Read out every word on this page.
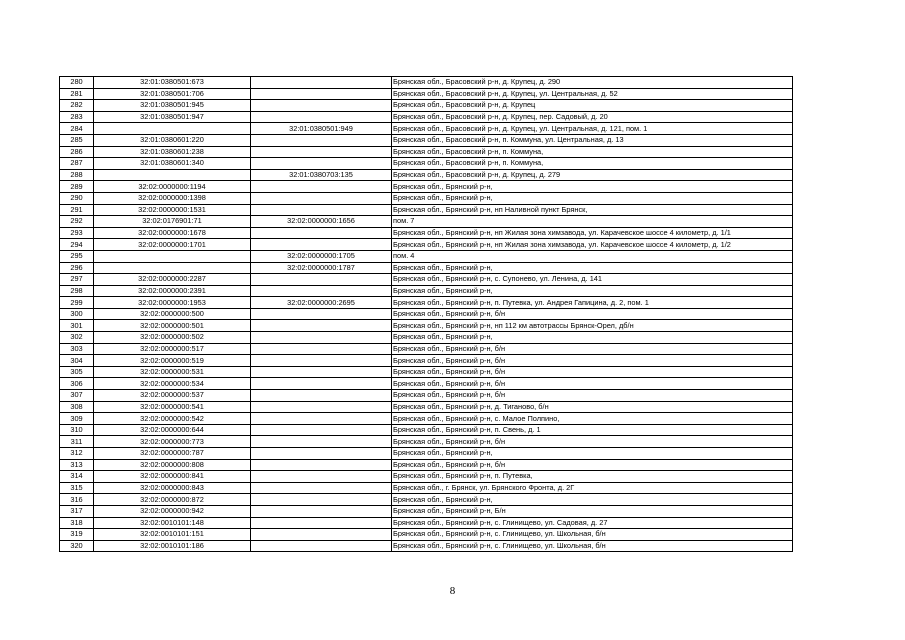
280	32:01:0380501:673		Брянская обл., Брасовский р-н, д. Крупец, д. 290
281	32:01:0380501:706		Брянская обл., Брасовский р-н, д. Крупец, ул. Центральная, д. 52
282	32:01:0380501:945		Брянская обл., Брасовский р-н, д. Крупец
283	32:01:0380501:947		Брянская обл., Брасовский р-н, д. Крупец, пер. Садовый, д. 20
284		32:01:0380501:949	Брянская обл., Брасовский р-н, д. Крупец, ул. Центральная, д. 121, пом. 1
285	32:01:0380601:220		Брянская обл., Брасовский р-н, п. Коммуна, ул. Центральная, д. 13
286	32:01:0380601:238		Брянская обл., Брасовский р-н, п. Коммуна,
287	32:01:0380601:340		Брянская обл., Брасовский р-н, п. Коммуна,
288		32:01:0380703:135	Брянская обл., Брасовский р-н, д. Крупец, д. 279
289	32:02:0000000:1194		Брянская обл., Брянский р-н,
290	32:02:0000000:1398		Брянская обл., Брянский р-н,
291	32:02:0000000:1531		Брянская обл., Брянский р-н, нп Наливной пункт Брянск,
292	32:02:0176901:71	32:02:0000000:1656	пом. 7
293	32:02:0000000:1678		Брянская обл., Брянский р-н, нп Жилая зона химзавода, ул. Карачевское шоссе 4 километр, д. 1/1
294	32:02:0000000:1701		Брянская обл., Брянский р-н, нп Жилая зона химзавода, ул. Карачевское шоссе 4 километр, д. 1/2
295		32:02:0000000:1705	пом. 4
296		32:02:0000000:1787	Брянская обл., Брянский р-н,
297	32:02:0000000:2287		Брянская обл., Брянский р-н, с. Супонево, ул. Ленина, д. 141
298	32:02:0000000:2391		Брянская обл., Брянский р-н,
299	32:02:0000000:1953	32:02:0000000:2695	Брянская обл., Брянский р-н, п. Путевка, ул. Андрея Гапицина, д. 2, пом. 1
300	32:02:0000000:500		Брянская обл., Брянский р-н, б/н
301	32:02:0000000:501		Брянская обл., Брянский р-н, нп 112 км автотрассы Брянск-Орел, дб/н
302	32:02:0000000:502		Брянская обл., Брянский р-н,
303	32:02:0000000:517		Брянская обл., Брянский р-н, б/н
304	32:02:0000000:519		Брянская обл., Брянский р-н, б/н
305	32:02:0000000:531		Брянская обл., Брянский р-н, б/н
306	32:02:0000000:534		Брянская обл., Брянский р-н, б/н
307	32:02:0000000:537		Брянская обл., Брянский р-н, б/н
308	32:02:0000000:541		Брянская обл., Брянский р-н, д. Тиганово, б/н
309	32:02:0000000:542		Брянская обл., Брянский р-н, с. Малое Полпино,
310	32:02:0000000:644		Брянская обл., Брянский р-н, п. Свень, д. 1
311	32:02:0000000:773		Брянская обл., Брянский р-н, б/н
312	32:02:0000000:787		Брянская обл., Брянский р-н,
313	32:02:0000000:808		Брянская обл., Брянский р-н, б/н
314	32:02:0000000:841		Брянская обл., Брянский р-н, п. Путевка,
315	32:02:0000000:843		Брянская обл., г. Брянск, ул. Брянского Фронта, д. 2Г
316	32:02:0000000:872		Брянская обл., Брянский р-н,
317	32:02:0000000:942		Брянская обл., Брянский р-н, Б/н
318	32:02:0010101:148		Брянская обл., Брянский р-н, с. Глинищево, ул. Садовая, д. 27
319	32:02:0010101:151		Брянская обл., Брянский р-н, с. Глинищево, ул. Школьная, б/н
320	32:02:0010101:186		Брянская обл., Брянский р-н, с. Глинищево, ул. Школьная, б/н
8
